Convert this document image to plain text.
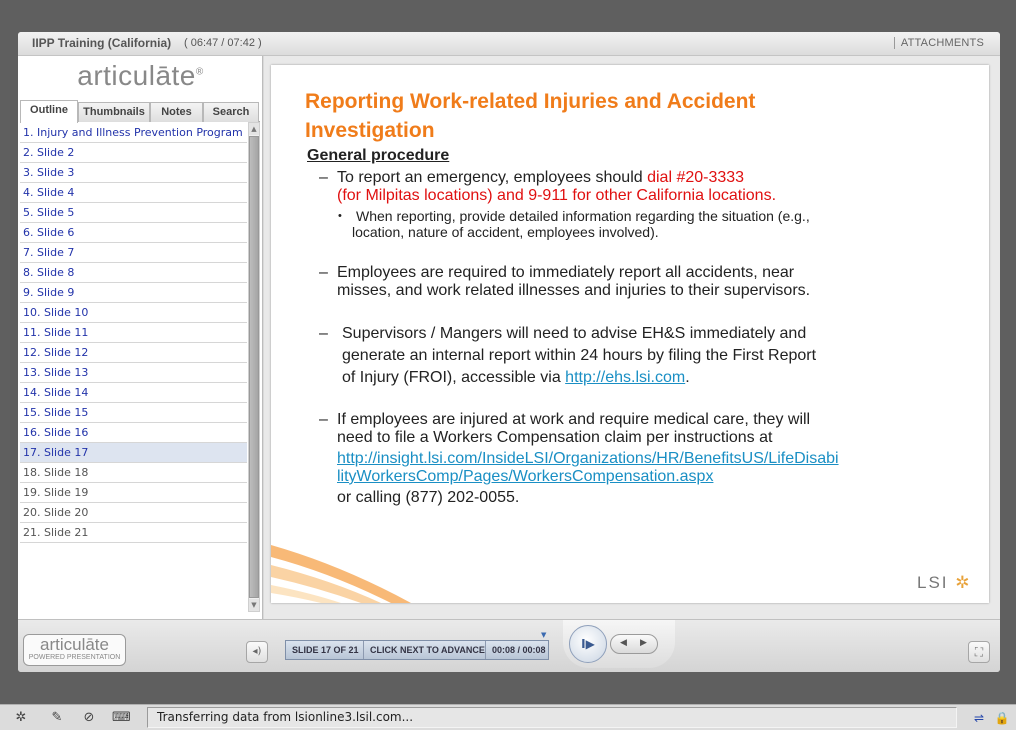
IIPP Training (California) ( 06:47 / 07:42 )	ATTACHMENTS
articulāte®
Outline	Thumbnails	Notes	Search
1. Injury and Illness Prevention Program
2. Slide 2
3. Slide 3
4. Slide 4
5. Slide 5
6. Slide 6
7. Slide 7
8. Slide 8
9. Slide 9
10. Slide 10
11. Slide 11
12. Slide 12
13. Slide 13
14. Slide 14
15. Slide 15
16. Slide 16
17. Slide 17
18. Slide 18
19. Slide 19
20. Slide 20
21. Slide 21
▲
▼
Reporting Work-related Injuries and Accident
Investigation
General procedure
– To report an emergency, employees should dial #20-3333
(for Milpitas locations) and 9-911 for other California locations.
• When reporting, provide detailed information regarding the situation (e.g.,
location, nature of accident, employees involved).
– Employees are required to immediately report all accidents, near
misses, and work related illnesses and injuries to their supervisors.
– Supervisors / Mangers will need to advise EH&S immediately and
generate an internal report within 24 hours by filing the First Report
of Injury (FROI), accessible via http://ehs.lsi.com.
– If employees are injured at work and require medical care, they will
need to file a Workers Compensation claim per instructions at
http://insight.lsi.com/InsideLSI/Organizations/HR/BenefitsUS/LifeDisabi
lityWorkersComp/Pages/WorkersCompensation.aspx
or calling (877) 202-0055.
LSI ✲
articulāte
POWERED PRESENTATION
◂)	SLIDE 17 OF 21	CLICK NEXT TO ADVANCE 00:08 / 00:08
▼
I▶	◀ ▶
⛶
✲ ✎ ⊘ ⌨	Transferring data from lsionline3.lsil.com...	⇌ 🔒
